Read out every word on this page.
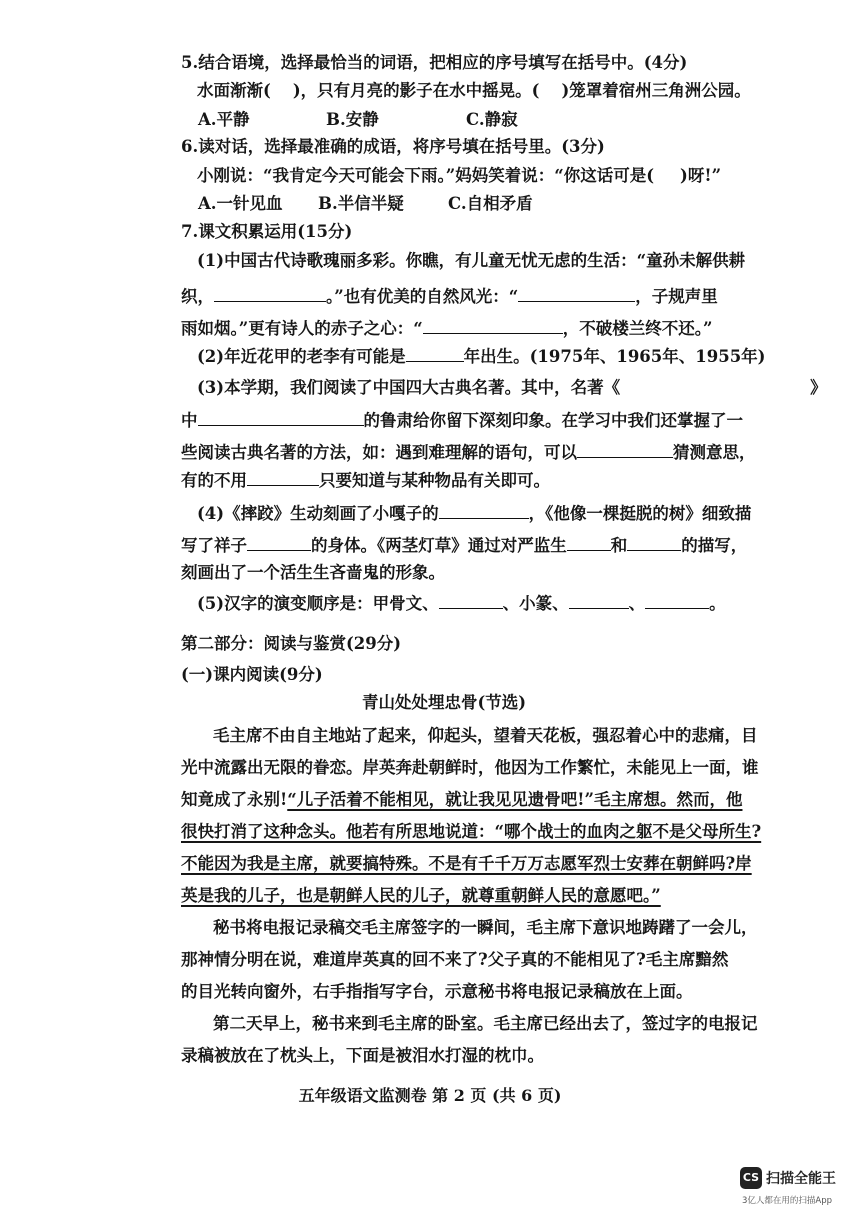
5.结合语境，选择最恰当的词语，把相应的序号填写在括号中。(4分)
水面渐渐( )，只有月亮的影子在水中摇晃。( )笼罩着宿州三角洲公园。
A.平静	B.安静	C.静寂
6.读对话，选择最准确的成语，将序号填在括号里。(3分)
小刚说：“我肯定今天可能会下雨。”妈妈笑着说：“你这话可是( )呀!”
A.一针见血 B.半信半疑	C.自相矛盾
7.课文积累运用(15分)
(1)中国古代诗歌瑰丽多彩。你瞧，有儿童无忧无虑的生活：“童孙未解供耕
织，	。”也有优美的自然风光：“	，子规声里
雨如烟。”更有诗人的赤子之心：“	，不破楼兰终不还。”
(2)年近花甲的老李有可能是	年出生。(1975年、1965年、1955年)
(3)本学期，我们阅读了中国四大古典名著。其中，名著《	》
中	的鲁肃给你留下深刻印象。在学习中我们还掌握了一
些阅读古典名著的方法，如：遇到难理解的语句，可以	猜测意思，
有的不用	只要知道与某种物品有关即可。
(4)《摔跤》生动刻画了小嘎子的	，《他像一棵挺脱的树》细致描
写了祥子	的身体。《两茎灯草》通过对严监生	和	的描写，
刻画出了一个活生生吝啬鬼的形象。
(5)汉字的演变顺序是：甲骨文、	、小篆、	、	。
第二部分：阅读与鉴赏(29分)
(一)课内阅读(9分)
青山处处埋忠骨(节选)
毛主席不由自主地站了起来，仰起头，望着天花板，强忍着心中的悲痛，目
光中流露出无限的眷恋。岸英奔赴朝鲜时，他因为工作繁忙，未能见上一面，谁
知竟成了永别!“儿子活着不能相见，就让我见见遗骨吧!”毛主席想。然而，他
很快打消了这种念头。他若有所思地说道：“哪个战士的血肉之躯不是父母所生?
不能因为我是主席，就要搞特殊。不是有千千万万志愿军烈士安葬在朝鲜吗?岸
英是我的儿子，也是朝鲜人民的儿子，就尊重朝鲜人民的意愿吧。”
秘书将电报记录稿交毛主席签字的一瞬间，毛主席下意识地踌躇了一会儿，
那神情分明在说，难道岸英真的回不来了?父子真的不能相见了?毛主席黯然
的目光转向窗外，右手指指写字台，示意秘书将电报记录稿放在上面。
第二天早上，秘书来到毛主席的卧室。毛主席已经出去了，签过字的电报记
录稿被放在了枕头上，下面是被泪水打湿的枕巾。
五年级语文监测卷 第 2 页 (共 6 页)
CS 扫描全能王
3亿人都在用的扫描App
